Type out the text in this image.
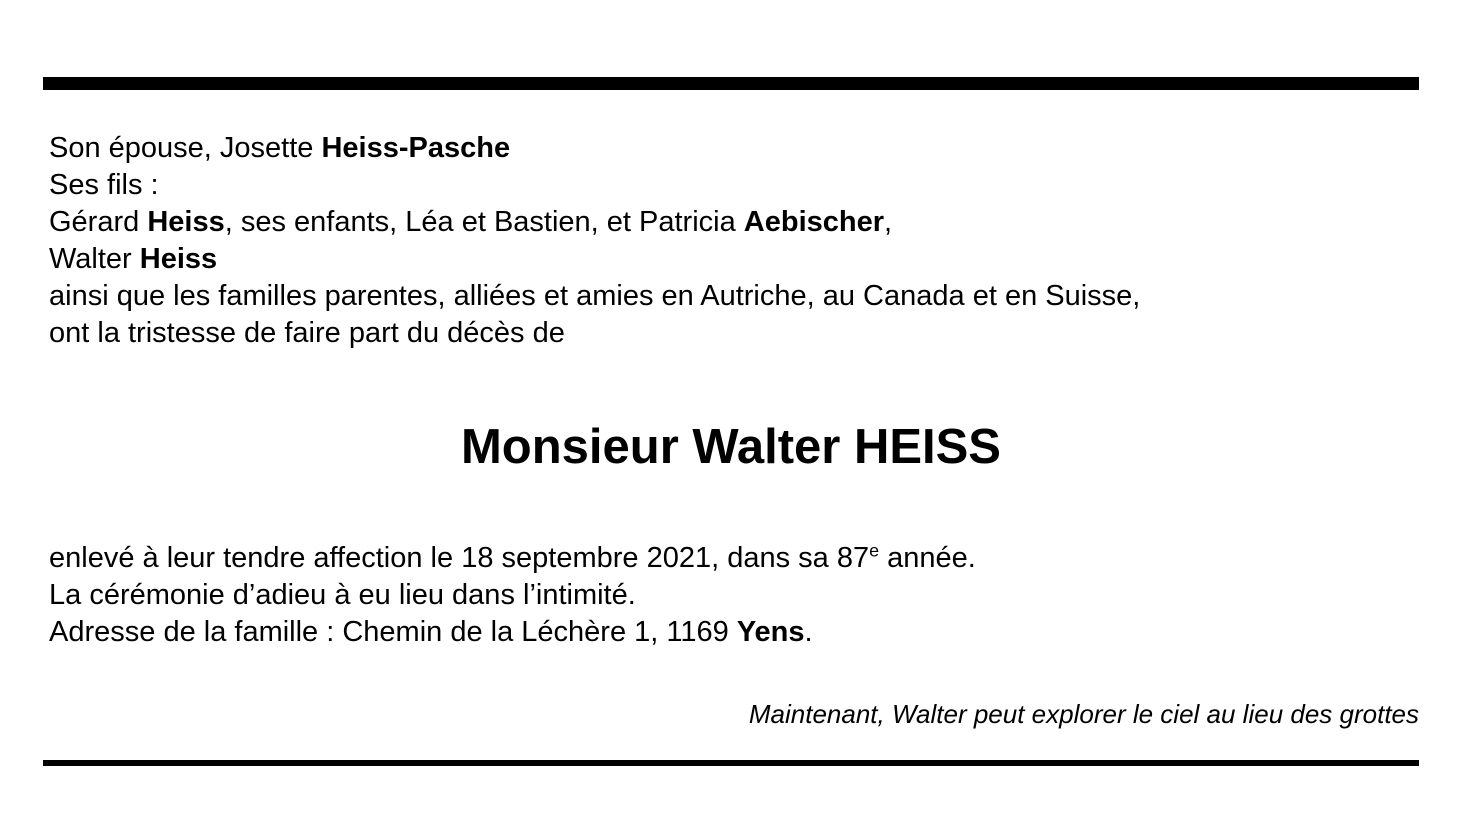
Son épouse, Josette Heiss-Pasche
Ses fils :
Gérard Heiss, ses enfants, Léa et Bastien, et Patricia Aebischer,
Walter Heiss
ainsi que les familles parentes, alliées et amies en Autriche, au Canada et en Suisse,
ont la tristesse de faire part du décès de
Monsieur Walter HEISS
enlevé à leur tendre affection le 18 septembre 2021, dans sa 87e année.
La cérémonie d’adieu à eu lieu dans l’intimité.
Adresse de la famille : Chemin de la Léchère 1, 1169 Yens.
Maintenant, Walter peut explorer le ciel au lieu des grottes
